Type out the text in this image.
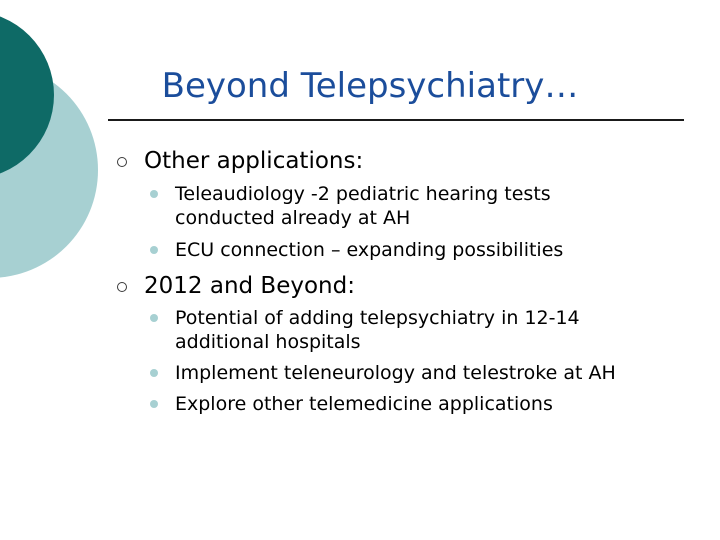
Beyond Telepsychiatry…
Other applications:
Teleaudiology -2 pediatric hearing tests
conducted already at AH
ECU connection – expanding possibilities
2012 and Beyond:
Potential of adding telepsychiatry in 12-14
additional hospitals
Implement teleneurology and telestroke at AH
Explore other telemedicine applications
